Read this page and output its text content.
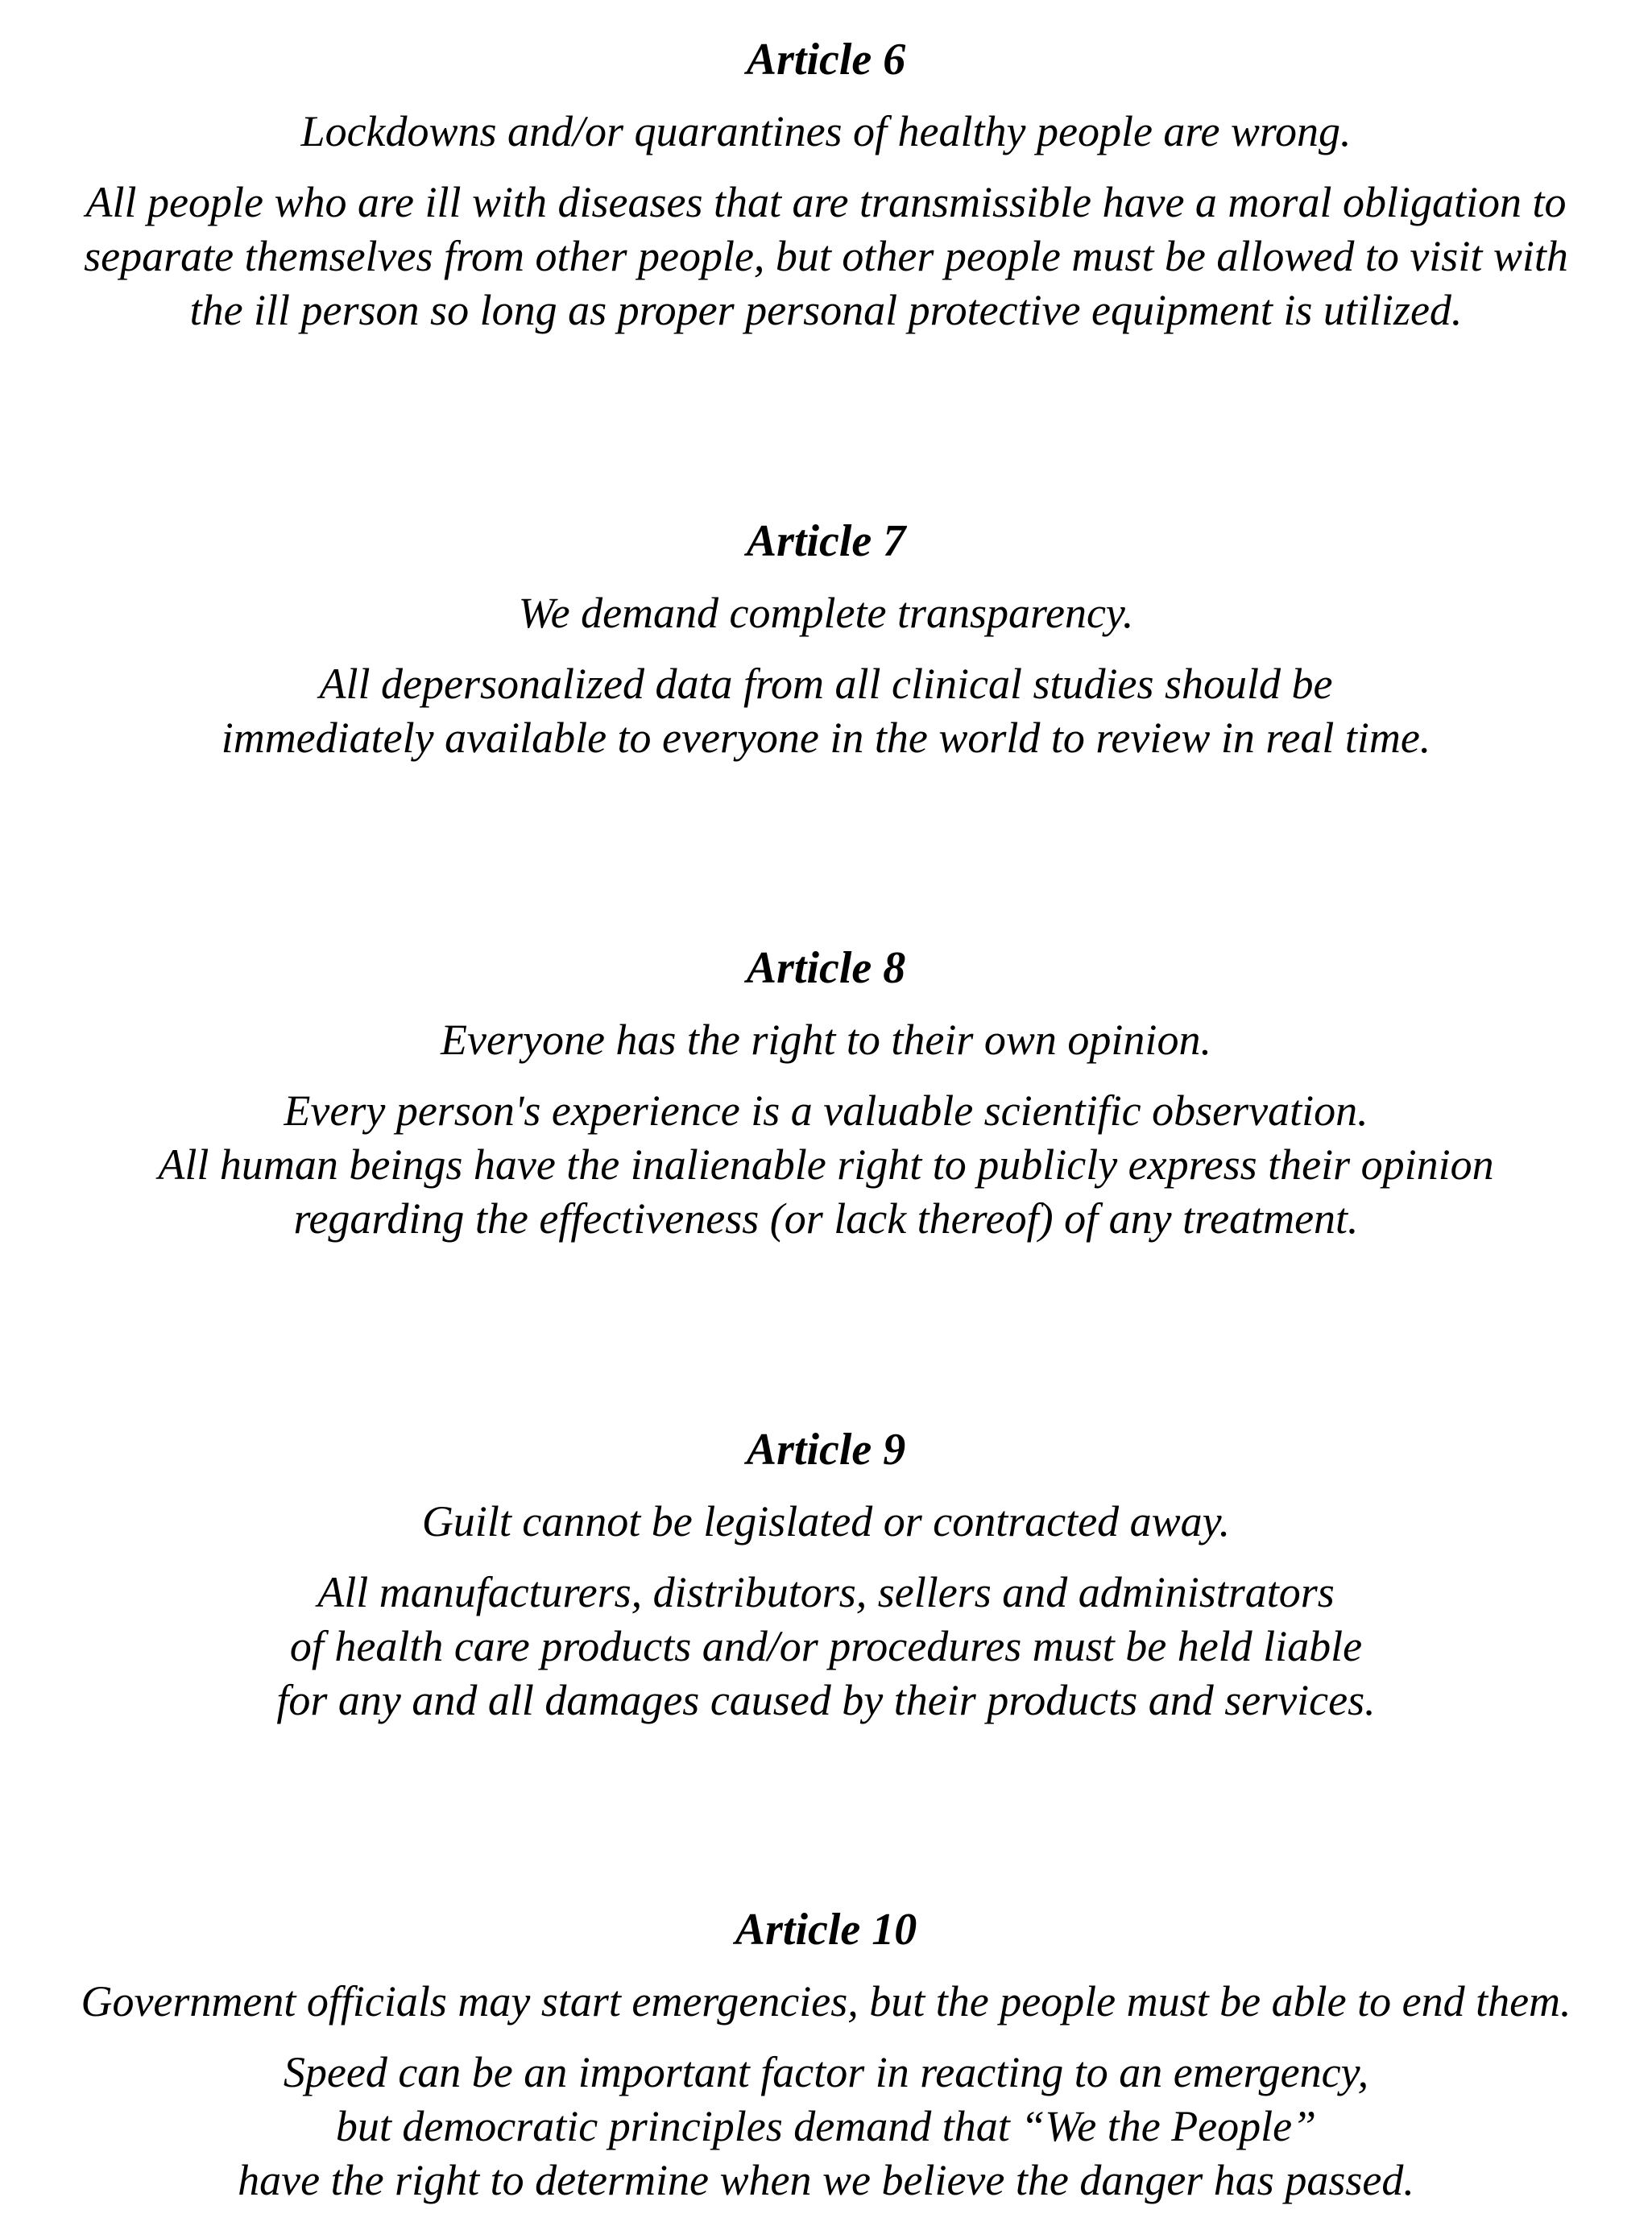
Article 6
Lockdowns and/or quarantines of healthy people are wrong.
All people who are ill with diseases that are transmissible have a moral obligation to
separate themselves from other people, but other people must be allowed to visit with
the ill person so long as proper personal protective equipment is utilized.
Article 7
We demand complete transparency.
All depersonalized data from all clinical studies should be
immediately available to everyone in the world to review in real time.
Article 8
Everyone has the right to their own opinion.
Every person's experience is a valuable scientific observation.
All human beings have the inalienable right to publicly express their opinion
regarding the effectiveness (or lack thereof) of any treatment.
Article 9
Guilt cannot be legislated or contracted away.
All manufacturers, distributors, sellers and administrators
of health care products and/or procedures must be held liable
for any and all damages caused by their products and services.
Article 10
Government officials may start emergencies, but the people must be able to end them.
Speed can be an important factor in reacting to an emergency,
but democratic principles demand that “We the People”
have the right to determine when we believe the danger has passed.
